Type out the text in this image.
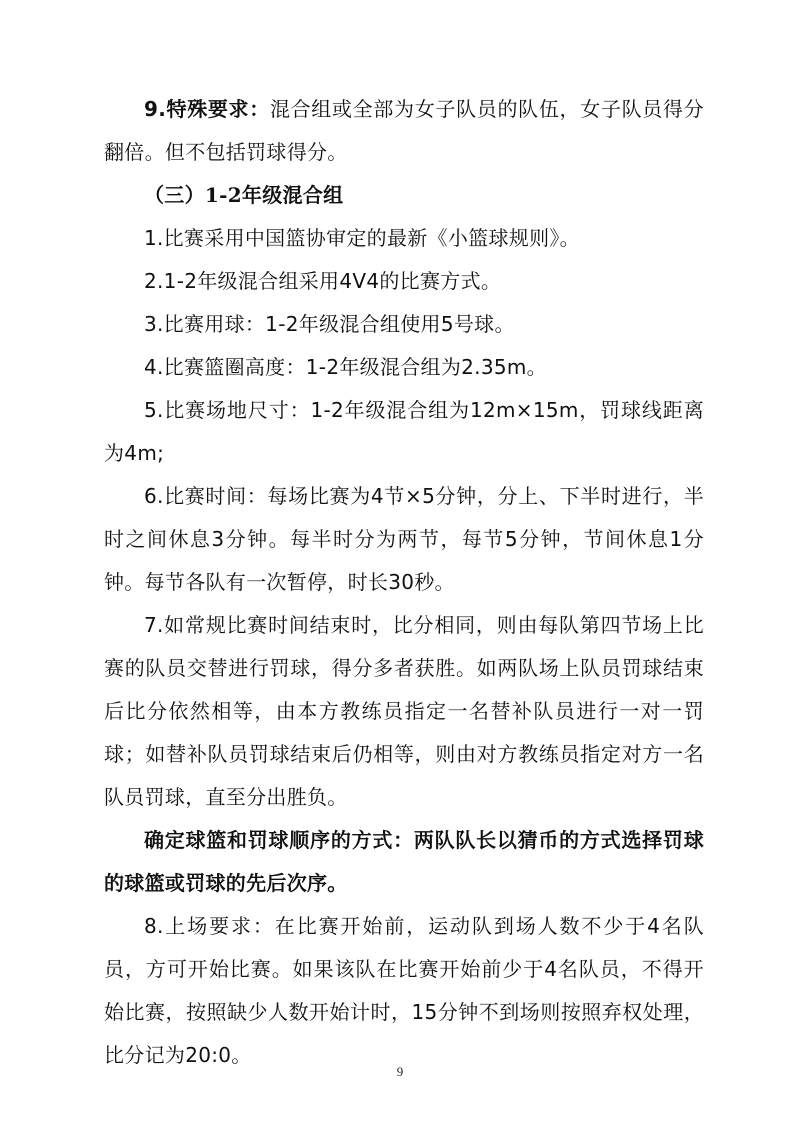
9.特殊要求：混合组或全部为女子队员的队伍，女子队员得分翻倍。但不包括罚球得分。

（三）1-2年级混合组

1.比赛采用中国篮协审定的最新《小篮球规则》。

2.1-2年级混合组采用4V4的比赛方式。

3.比赛用球：1-2年级混合组使用5号球。

4.比赛篮圈高度：1-2年级混合组为2.35m。

5.比赛场地尺寸：1-2年级混合组为12m×15m，罚球线距离为4m;

6.比赛时间：每场比赛为4节×5分钟，分上、下半时进行，半时之间休息3分钟。每半时分为两节，每节5分钟，节间休息1分钟。每节各队有一次暂停，时长30秒。

7.如常规比赛时间结束时，比分相同，则由每队第四节场上比赛的队员交替进行罚球，得分多者获胜。如两队场上队员罚球结束后比分依然相等，由本方教练员指定一名替补队员进行一对一罚球；如替补队员罚球结束后仍相等，则由对方教练员指定对方一名队员罚球，直至分出胜负。

确定球篮和罚球顺序的方式：两队队长以猜币的方式选择罚球的球篮或罚球的先后次序。

8.上场要求：在比赛开始前，运动队到场人数不少于4名队员，方可开始比赛。如果该队在比赛开始前少于4名队员，不得开始比赛，按照缺少人数开始计时，15分钟不到场则按照弃权处理，比分记为20:0。

9
